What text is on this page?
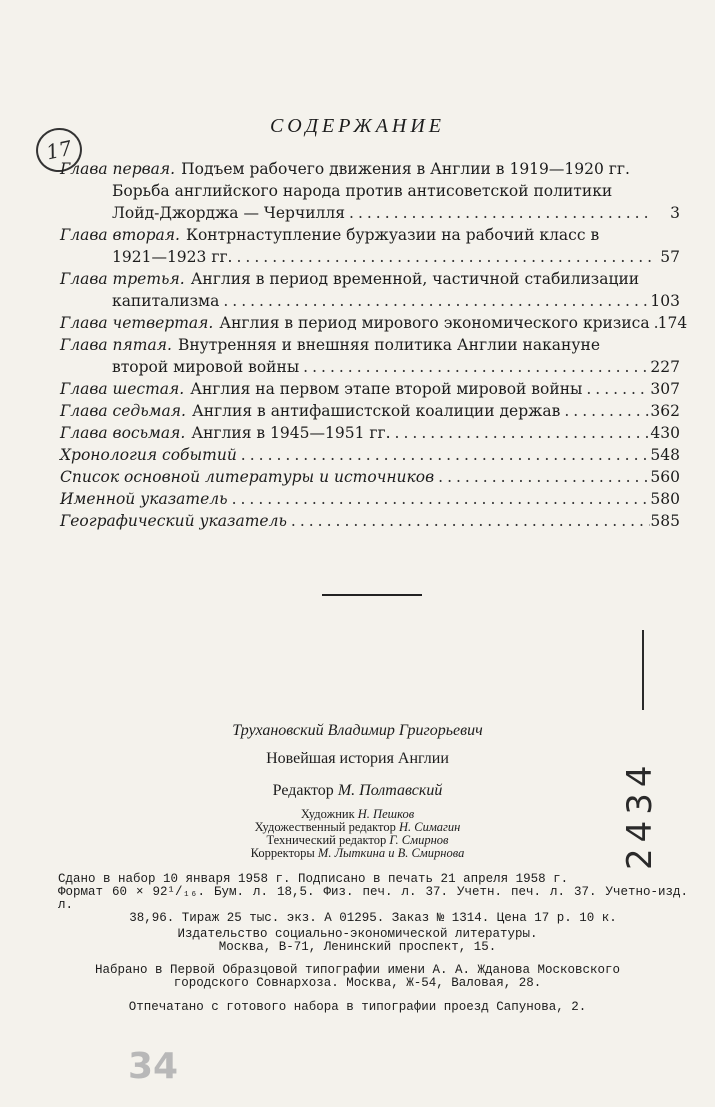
17
СОДЕРЖАНИЕ
Глава первая. Подъем рабочего движения в Англии в 1919—1920 гг.
Борьба английского народа против антисоветской политики
Лойд-Джорджа — Черчилля .....	3
Глава вторая. Контрнаступление буржуазии на рабочий класс в
1921—1923 гг. .....	57
Глава третья. Англия в период временной, частичной стабилизации
капитализма .....	103
Глава четвертая. Англия в период мирового экономического кризиса ..... 174
Глава пятая. Внутренняя и внешняя политика Англии накануне
второй мировой войны .....	227
Глава шестая. Англия на первом этапе второй мировой войны .....	307
Глава седьмая. Англия в антифашистской коалиции держав .....	362
Глава восьмая. Англия в 1945—1951 гг. .....	430
Хронология событий .....	548
Список основной литературы и источников .....	560
Именной указатель .....	580
Географический указатель .....	585
Трухановский Владимир Григорьевич
Новейшая история Англии
Редактор М. Полтавский
Художник Н. Пешков
Художественный редактор Н. Симагин
Технический редактор Г. Смирнов
Корректоры М. Лыткина и В. Смирнова
Сдано в набор 10 января 1958 г. Подписано в печать 21 апреля 1958 г.
Формат 60 × 92¹/₁₆. Бум. л. 18,5. Физ. печ. л. 37. Учетн. печ. л. 37. Учетно-изд. л.
38,96. Тираж 25 тыс. экз. А 01295. Заказ № 1314. Цена 17 р. 10 к.
Издательство социально-экономической литературы.
Москва, В-71, Ленинский проспект, 15.
Набрано в Первой Образцовой типографии имени А. А. Жданова Московского
городского Совнархоза. Москва, Ж-54, Валовая, 28.
Отпечатано с готового набора в типографии проезд Сапунова, 2.
2434
34
